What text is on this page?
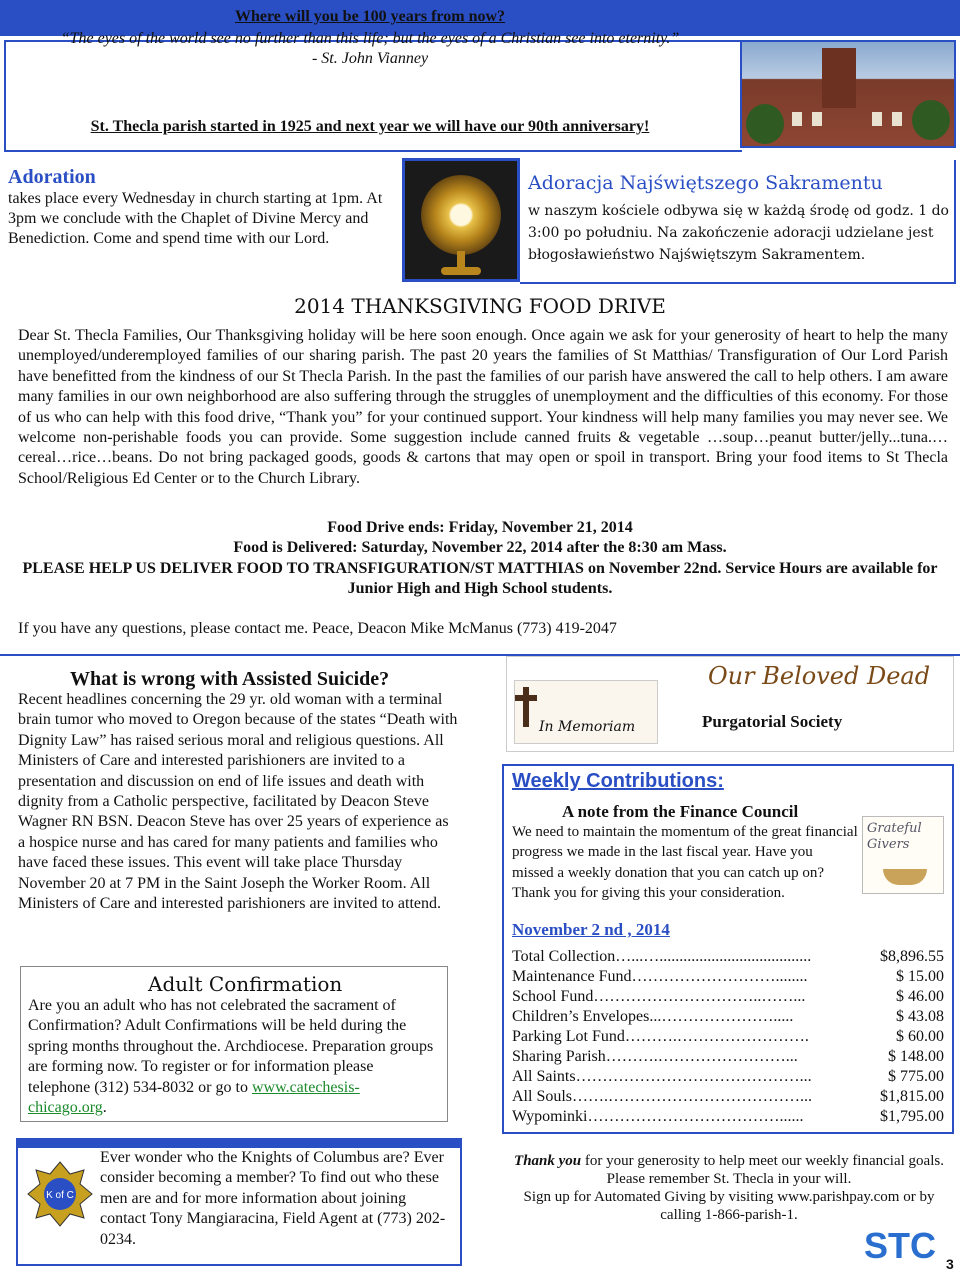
Where will you be 100 years from now?
“The eyes of the world see no further than this life; but the eyes of a Christian see into eternity.”
- St. John Vianney
St. Thecla parish started in 1925 and next year we will have our 90th anniversary!
Adoration
takes place every Wednesday in church starting at 1pm. At 3pm we conclude with the Chaplet of Divine Mercy and Benediction. Come and spend time with our Lord.
Adoracja Najświętszego Sakramentu
w naszym kościele odbywa się w każdą środę od godz. 1 do 3:00 po południu. Na zakończenie adoracji udzielane jest błogosławieństwo Najświętszym Sakramentem.
2014 THANKSGIVING FOOD DRIVE
Dear St. Thecla Families, Our Thanksgiving holiday will be here soon enough. Once again we ask for your generosity of heart to help the many unemployed/underemployed families of our sharing parish. The past 20 years the families of St Matthias/ Transfiguration of Our Lord Parish have benefitted from the kindness of our St Thecla Parish. In the past the families of our parish have answered the call to help others. I am aware many families in our own neighborhood are also suffering through the struggles of unemployment and the difficulties of this economy. For those of us who can help with this food drive, “Thank you” for your continued support. Your kindness will help many families you may never see. We welcome non-perishable foods you can provide. Some suggestion include canned fruits & vegetable …soup…peanut butter/jelly...tuna.…cereal…rice…beans. Do not bring packaged goods, goods & cartons that may open or spoil in transport. Bring your food items to St Thecla School/Religious Ed Center or to the Church Library.
Food Drive ends: Friday, November 21, 2014
Food is Delivered: Saturday, November 22, 2014 after the 8:30 am Mass.
PLEASE HELP US DELIVER FOOD TO TRANSFIGURATION/ST MATTHIAS on November 22nd. Service Hours are available for Junior High and High School students.
If you have any questions, please contact me. Peace, Deacon Mike McManus (773) 419-2047
What is wrong with Assisted Suicide?
Recent headlines concerning the 29 yr. old woman with a terminal brain tumor who moved to Oregon because of the states “Death with Dignity Law” has raised serious moral and religious questions. All Ministers of Care and interested parishioners are invited to a presentation and discussion on end of life issues and death with dignity from a Catholic perspective, facilitated by Deacon Steve Wagner RN BSN. Deacon Steve has over 25 years of experience as a hospice nurse and has cared for many patients and families who have faced these issues. This event will take place Thursday November 20 at 7 PM in the Saint Joseph the Worker Room. All Ministers of Care and interested parishioners are invited to attend.
Adult Confirmation
Are you an adult who has not celebrated the sacrament of Confirmation? Adult Confirmations will be held during the spring months throughout the. Archdiocese. Preparation groups are forming now. To register or for information please telephone (312) 534-8032 or go to www.catechesis-chicago.org.
K of C
Ever wonder who the Knights of Columbus are? Ever consider becoming a member? To find out who these men are and for more information about joining contact Tony Mangiaracina, Field Agent at (773) 202-0234.
In Memoriam
Our Beloved Dead
Purgatorial Society
Weekly Contributions:
A note from the Finance Council
We need to maintain the momentum of the great financial progress we made in the last fiscal year. Have you missed a weekly donation that you can catch up on? Thank you for giving this your consideration.
Grateful Givers
November 2 nd , 2014
Total Collection…...…......................................	$8,896.55
Maintenance Fund………………………........	$ 15.00
School Fund…………………………..……...	$ 46.00
Children’s Envelopes...………………….....	$ 43.08
Parking Lot Fund……….…………………….	$ 60.00
Sharing Parish……….……………………...	$ 148.00
All Saints……………………………………...	$ 775.00
All Souls…….………………………………...	$1,815.00
Wypominki………………………………......	$1,795.00
Thank you for your generosity to help meet our weekly financial goals. Please remember St. Thecla in your will.
Sign up for Automated Giving by visiting www.parishpay.com or by calling 1-866-parish-1.
STC 3
